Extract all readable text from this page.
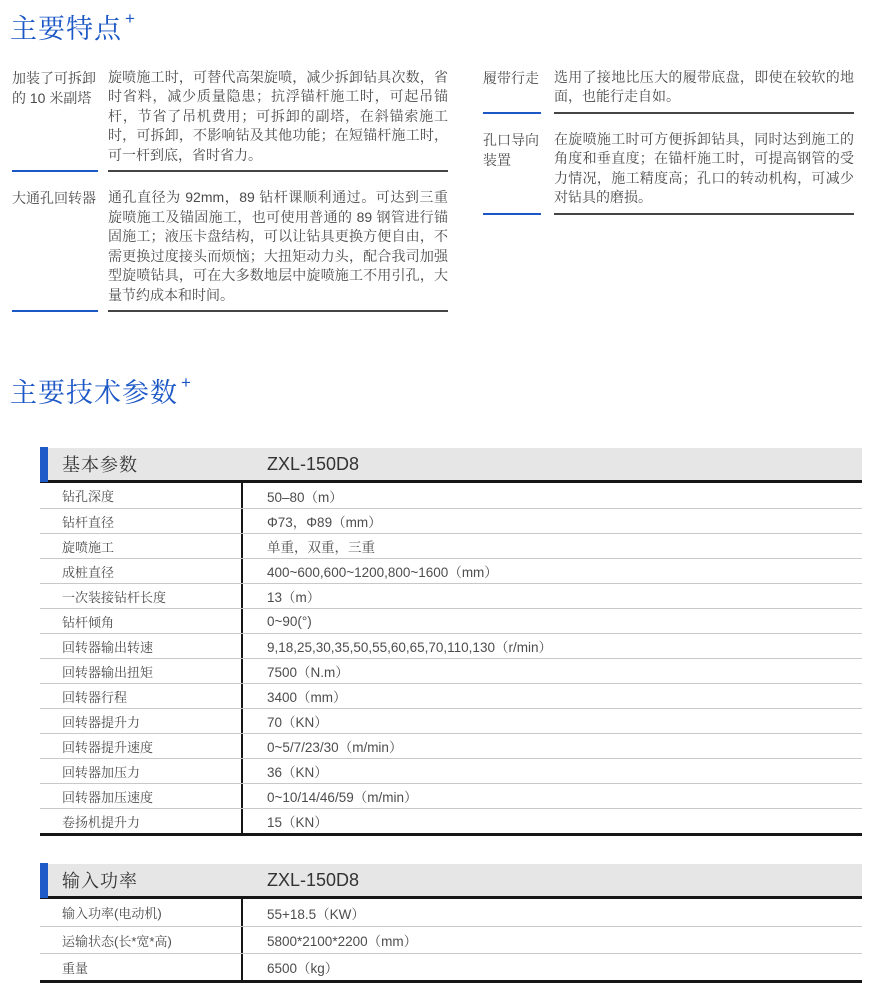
主要特点 +
加装了可拆卸的 10 米副塔
旋喷施工时，可替代高架旋喷，减少拆卸钻具次数，省时省料，减少质量隐患；抗浮锚杆施工时，可起吊锚杆，节省了吊机费用；可拆卸的副塔，在斜锚索施工时，可拆卸，不影响钻及其他功能；在短锚杆施工时，可一杆到底，省时省力。
大通孔回转器 通孔直径为 92mm，89 钻杆课顺利通过。可达到三重旋喷施工及锚固施工，也可使用普通的 89 钢管进行锚固施工；液压卡盘结构，可以让钻具更换方便自由，不需更换过度接头而烦恼；大扭矩动力头，配合我司加强型旋喷钻具，可在大多数地层中旋喷施工不用引孔，大量节约成本和时间。
履带行走 选用了接地比压大的履带底盘，即使在较软的地面，也能行走自如。
孔口导向装置
在旋喷施工时可方便拆卸钻具，同时达到施工的角度和垂直度；在锚杆施工时，可提高钢管的受力情况，施工精度高；孔口的转动机构，可减少对钻具的磨损。
主要技术参数 +
基本参数	ZXL-150D8
钻孔深度	50–80（m）
钻杆直径	Φ73，Φ89（mm）
旋喷施工	单重，双重，三重
成桩直径	400~600,600~1200,800~1600（mm）
一次装接钻杆长度	13（m）
钻杆倾角	0~90(°)
回转器输出转速	9,18,25,30,35,50,55,60,65,70,110,130（r/min）
回转器输出扭矩	7500（N.m）
回转器行程	3400（mm）
回转器提升力	70（KN）
回转器提升速度	0~5/7/23/30（m/min）
回转器加压力	36（KN）
回转器加压速度	0~10/14/46/59（m/min）
卷扬机提升力	15（KN）
输入功率	ZXL-150D8
输入功率(电动机)	55+18.5（KW）
运输状态(长*宽*高)	5800*2100*2200（mm）
重量	6500（kg）
